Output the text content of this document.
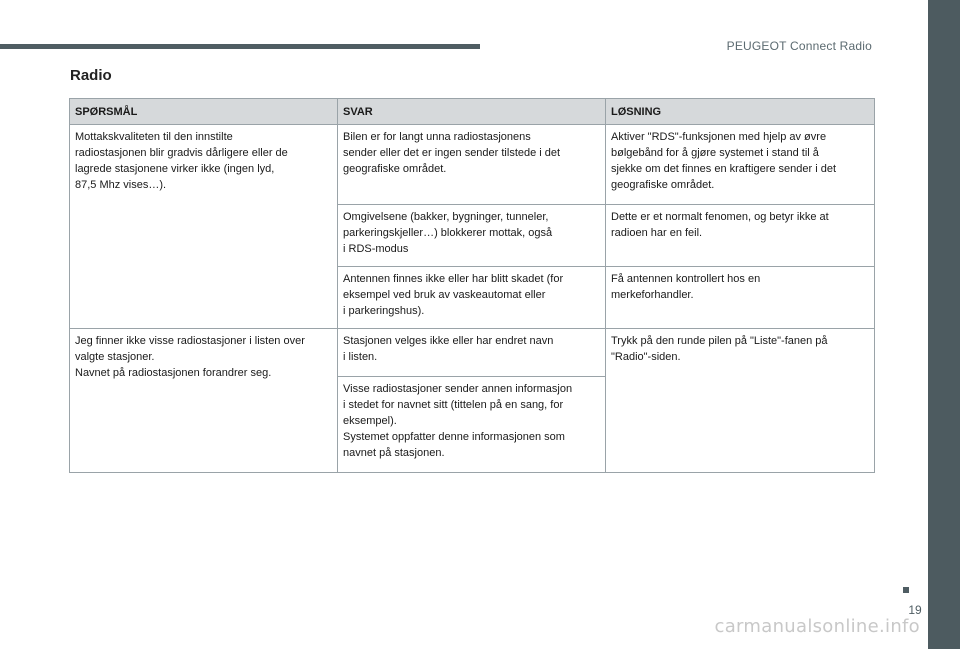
PEUGEOT Connect Radio
Radio
SPØRSMÅL	SVAR	LØSNING
Mottakskvaliteten til den innstilte
radiostasjonen blir gradvis dårligere eller de
lagrede stasjonene virker ikke (ingen lyd,
87,5 Mhz vises…).	Bilen er for langt unna radiostasjonens
sender eller det er ingen sender tilstede i det
geografiske området.	Aktiver "RDS"-funksjonen med hjelp av øvre
bølgebånd for å gjøre systemet i stand til å
sjekke om det finnes en kraftigere sender i det
geografiske området.
	Omgivelsene (bakker, bygninger, tunneler,
parkeringskjeller…) blokkerer mottak, også
i RDS-modus	Dette er et normalt fenomen, og betyr ikke at
radioen har en feil.
	Antennen finnes ikke eller har blitt skadet (for
eksempel ved bruk av vaskeautomat eller
i parkeringshus).	Få antennen kontrollert hos en
merkeforhandler.
Jeg finner ikke visse radiostasjoner i listen over
valgte stasjoner.
Navnet på radiostasjonen forandrer seg.	Stasjonen velges ikke eller har endret navn
i listen.	Trykk på den runde pilen på "Liste"-fanen på
"Radio"-siden.
	Visse radiostasjoner sender annen informasjon
i stedet for navnet sitt (tittelen på en sang, for
eksempel).
Systemet oppfatter denne informasjonen som
navnet på stasjonen.	
19
carmanualsonline.info
